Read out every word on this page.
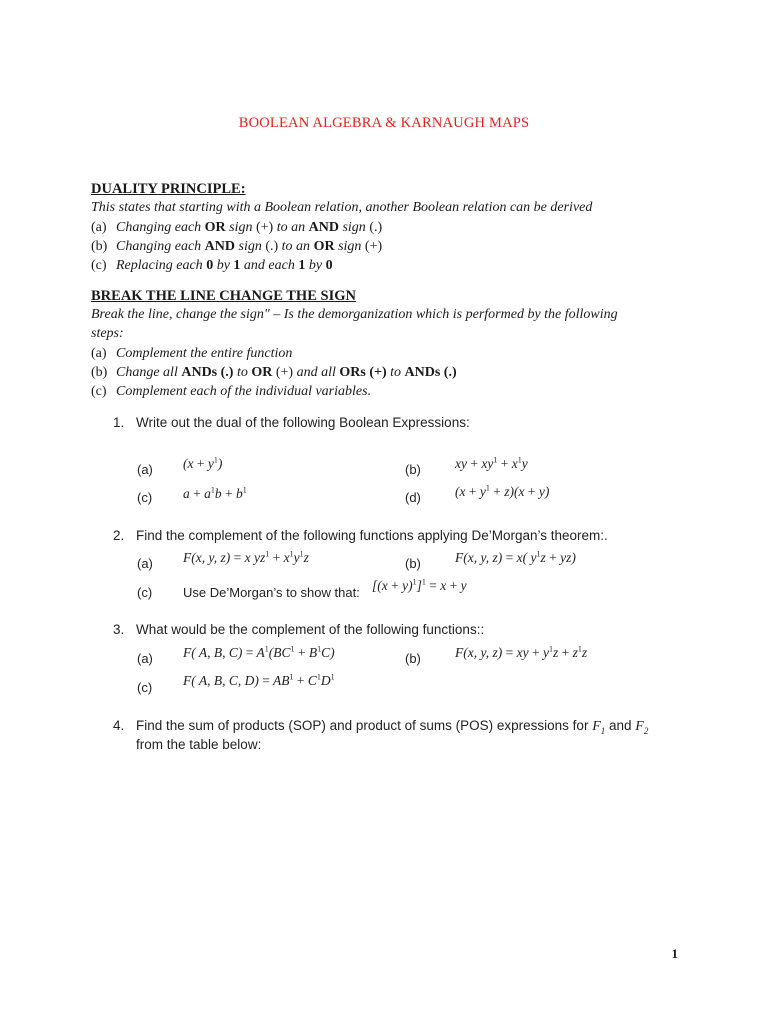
BOOLEAN ALGEBRA & KARNAUGH MAPS
DUALITY PRINCIPLE:
This states that starting with a Boolean relation, another Boolean relation can be derived
(a) Changing each OR sign (+) to an AND sign (.)
(b) Changing each AND sign (.) to an OR sign (+)
(c) Replacing each 0 by 1 and each 1 by 0
BREAK THE LINE CHANGE THE SIGN
Break the line, change the sign" – Is the demorganization which is performed by the following
steps:
(a) Complement the entire function
(b) Change all ANDs (.) to OR (+) and all ORs (+) to ANDs (.)
(c) Complement each of the individual variables.
1. Write out the dual of the following Boolean Expressions:
(a) $(x + y^1)$	(b)	xy + $xy^1 + x^1y$
(c) $a + a^1b + b^1$	(d)	$(x + y^1 + z)(x + y)$
2. Find the complement of the following functions applying De’Morgan’s theorem:.
(a) F(x, y, z) = x $yz^1 + x^1y^1z$	(b)	F(x, y, z) = x( $y^1z + yz$)
(c) Use De’Morgan’s to show that: $[(x + y)^1]^1 = x + y$
3. What would be the complement of the following functions::
(a) F( A, B, $C) = A^1(BC^1 + B^1C)$	(b)	F(x, y, z) = xy + $y^1z + z^1z$
(c) F( A, B, C, $D) = AB^1 + C^1D^1$
4. Find the sum of products (SOP) and product of sums (POS) expressions for $F_1$ and $F_2$
from the table below:
1
